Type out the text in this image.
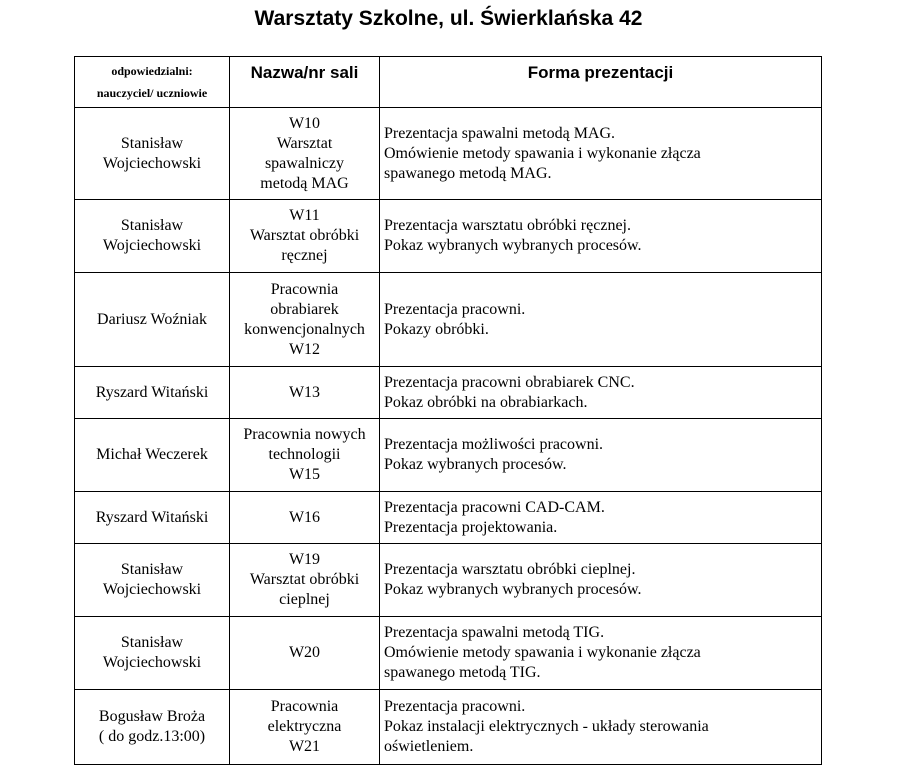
Warsztaty Szkolne, ul. Świerklańska 42
odpowiedzialni:
nauczyciel/ uczniowie	Nazwa/nr sali	Forma prezentacji

Stanisław
Wojciechowski	W10
Warsztat
spawalniczy
metodą MAG	Prezentacja spawalni metodą MAG.
Omówienie metody spawania i wykonanie złącza
spawanego metodą MAG.

Stanisław
Wojciechowski	W11
Warsztat obróbki
ręcznej	Prezentacja warsztatu obróbki ręcznej.
Pokaz wybranych wybranych procesów.

Dariusz Woźniak	Pracownia
obrabiarek
konwencjonalnych
W12	Prezentacja pracowni.
Pokazy obróbki.

Ryszard Witański	W13	Prezentacja pracowni obrabiarek CNC.
Pokaz obróbki na obrabiarkach.

Michał Weczerek	Pracownia nowych
technologii
W15	Prezentacja możliwości pracowni.
Pokaz wybranych procesów.

Ryszard Witański	W16	Prezentacja pracowni CAD-CAM.
Prezentacja projektowania.

Stanisław
Wojciechowski	W19
Warsztat obróbki
cieplnej	Prezentacja warsztatu obróbki cieplnej.
Pokaz wybranych wybranych procesów.

Stanisław
Wojciechowski	W20	Prezentacja spawalni metodą TIG.
Omówienie metody spawania i wykonanie złącza
spawanego metodą TIG.

Bogusław Broża
( do godz.13:00)	Pracownia
elektryczna
W21	Prezentacja pracowni.
Pokaz instalacji elektrycznych - układy sterowania
oświetleniem.
